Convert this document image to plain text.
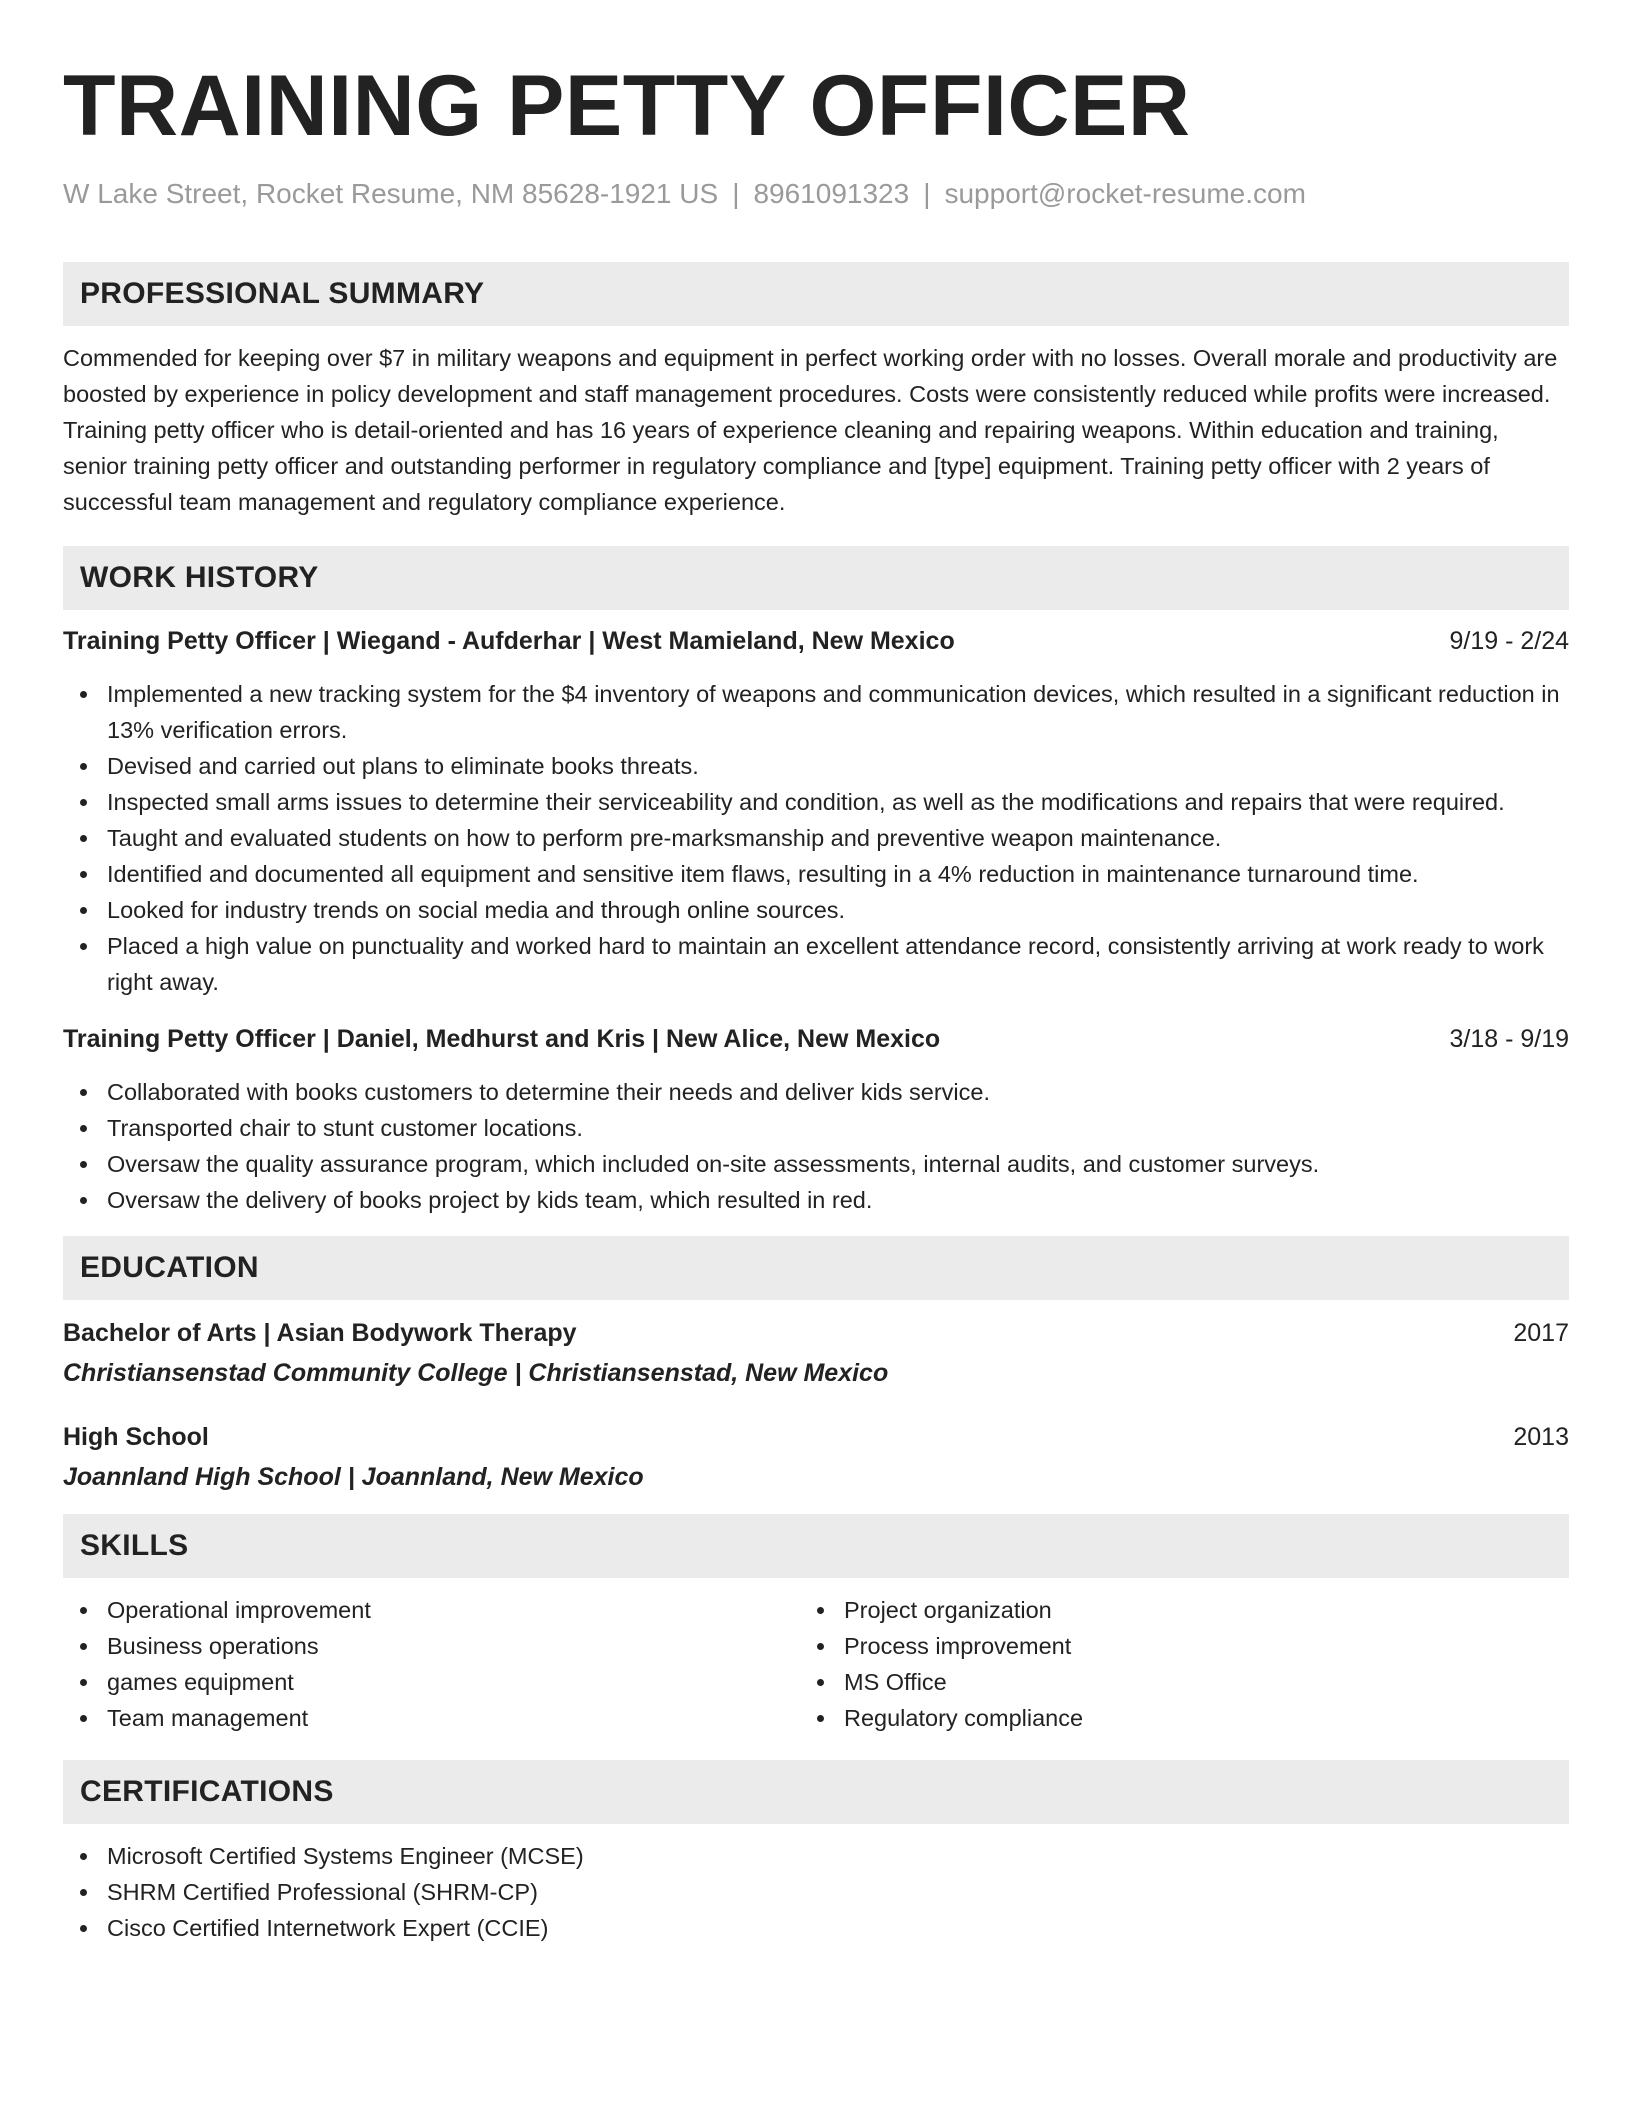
TRAINING PETTY OFFICER
W Lake Street, Rocket Resume, NM 85628-1921 US | 8961091323 | support@rocket-resume.com
PROFESSIONAL SUMMARY
Commended for keeping over $7 in military weapons and equipment in perfect working order with no losses. Overall morale and productivity are boosted by experience in policy development and staff management procedures. Costs were consistently reduced while profits were increased. Training petty officer who is detail-oriented and has 16 years of experience cleaning and repairing weapons. Within education and training, senior training petty officer and outstanding performer in regulatory compliance and [type] equipment. Training petty officer with 2 years of successful team management and regulatory compliance experience.
WORK HISTORY
Training Petty Officer | Wiegand - Aufderhar | West Mamieland, New Mexico	9/19 - 2/24
Implemented a new tracking system for the $4 inventory of weapons and communication devices, which resulted in a significant reduction in 13% verification errors.
Devised and carried out plans to eliminate books threats.
Inspected small arms issues to determine their serviceability and condition, as well as the modifications and repairs that were required.
Taught and evaluated students on how to perform pre-marksmanship and preventive weapon maintenance.
Identified and documented all equipment and sensitive item flaws, resulting in a 4% reduction in maintenance turnaround time.
Looked for industry trends on social media and through online sources.
Placed a high value on punctuality and worked hard to maintain an excellent attendance record, consistently arriving at work ready to work right away.
Training Petty Officer | Daniel, Medhurst and Kris | New Alice, New Mexico	3/18 - 9/19
Collaborated with books customers to determine their needs and deliver kids service.
Transported chair to stunt customer locations.
Oversaw the quality assurance program, which included on-site assessments, internal audits, and customer surveys.
Oversaw the delivery of books project by kids team, which resulted in red.
EDUCATION
Bachelor of Arts | Asian Bodywork Therapy	2017
Christiansenstad Community College | Christiansenstad, New Mexico
High School	2013
Joannland High School | Joannland, New Mexico
SKILLS
Operational improvement
Business operations
games equipment
Team management
Project organization
Process improvement
MS Office
Regulatory compliance
CERTIFICATIONS
Microsoft Certified Systems Engineer (MCSE)
SHRM Certified Professional (SHRM-CP)
Cisco Certified Internetwork Expert (CCIE)
